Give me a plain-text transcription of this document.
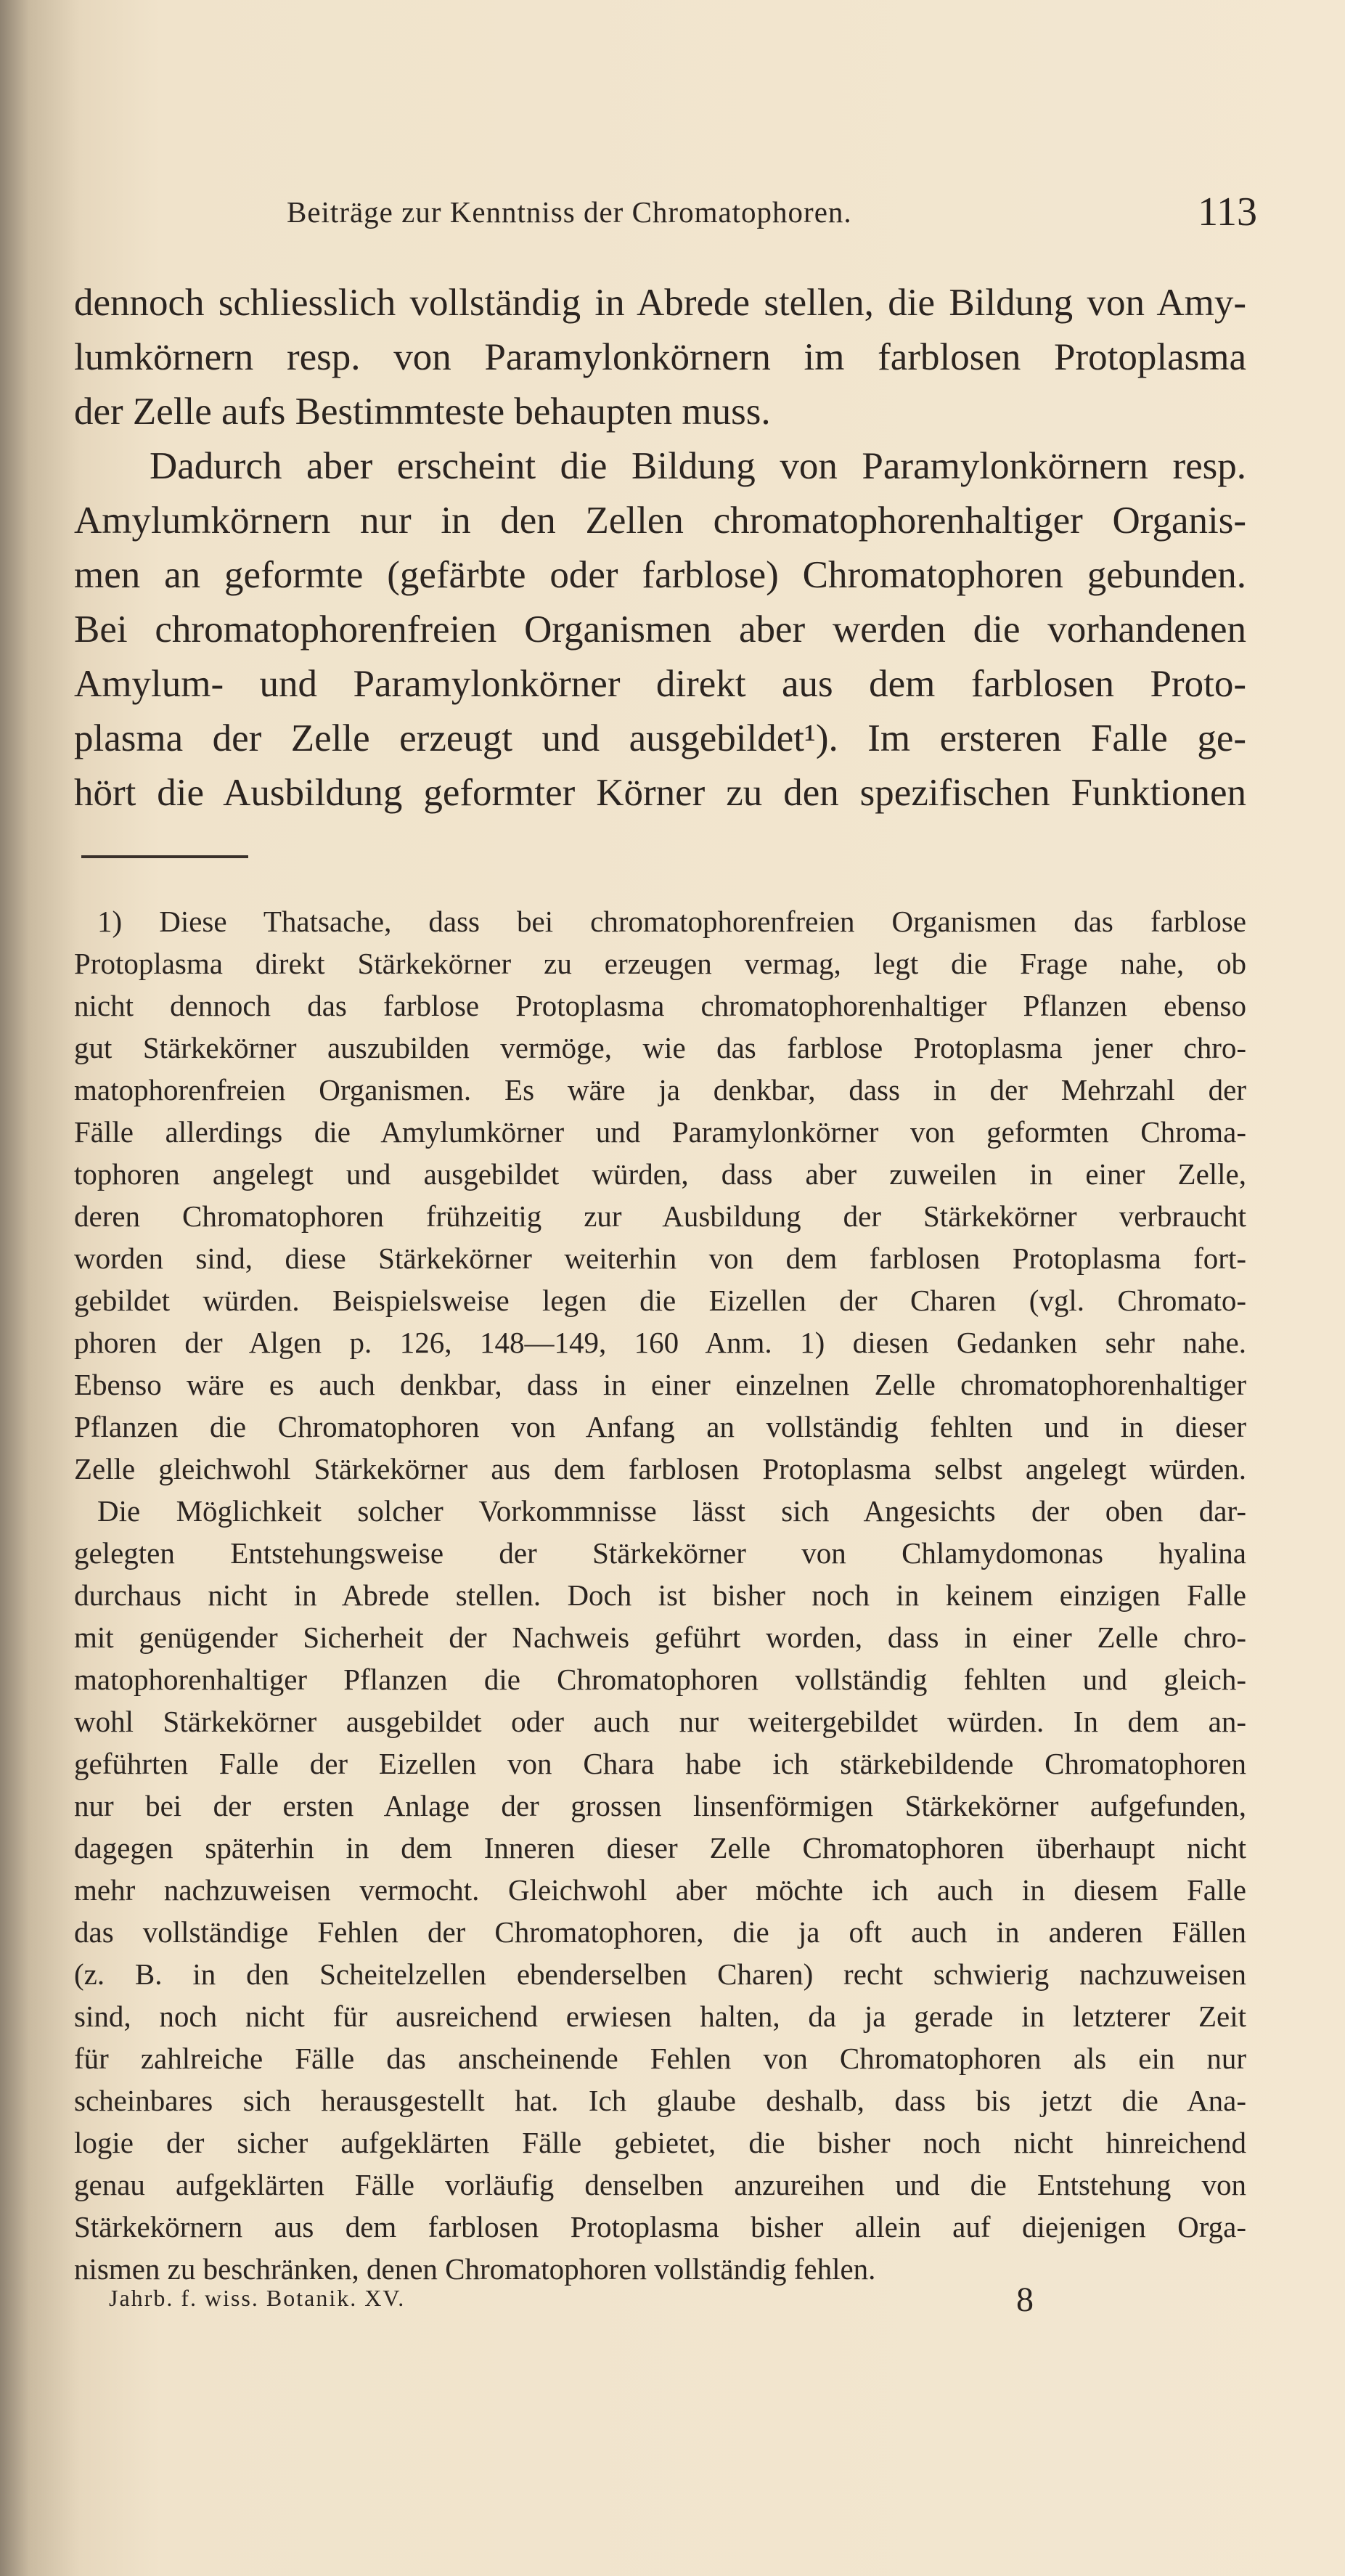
Beiträge zur Kenntniss der Chromatophoren.	113
dennoch schliesslich vollständig in Abrede stellen, die Bildung von Amy-
lumkörnern resp. von Paramylonkörnern im farblosen Protoplasma
der Zelle aufs Bestimmteste behaupten muss.
Dadurch aber erscheint die Bildung von Paramylonkörnern resp.
Amylumkörnern nur in den Zellen chromatophorenhaltiger Organis-
men an geformte (gefärbte oder farblose) Chromatophoren gebunden.
Bei chromatophorenfreien Organismen aber werden die vorhandenen
Amylum- und Paramylonkörner direkt aus dem farblosen Proto-
plasma der Zelle erzeugt und ausgebildet¹). Im ersteren Falle ge-
hört die Ausbildung geformter Körner zu den spezifischen Funktionen
1) Diese Thatsache, dass bei chromatophorenfreien Organismen das farblose
Protoplasma direkt Stärkekörner zu erzeugen vermag, legt die Frage nahe, ob
nicht dennoch das farblose Protoplasma chromatophorenhaltiger Pflanzen ebenso
gut Stärkekörner auszubilden vermöge, wie das farblose Protoplasma jener chro-
matophorenfreien Organismen. Es wäre ja denkbar, dass in der Mehrzahl der
Fälle allerdings die Amylumkörner und Paramylonkörner von geformten Chroma-
tophoren angelegt und ausgebildet würden, dass aber zuweilen in einer Zelle,
deren Chromatophoren frühzeitig zur Ausbildung der Stärkekörner verbraucht
worden sind, diese Stärkekörner weiterhin von dem farblosen Protoplasma fort-
gebildet würden. Beispielsweise legen die Eizellen der Charen (vgl. Chromato-
phoren der Algen p. 126, 148—149, 160 Anm. 1) diesen Gedanken sehr nahe.
Ebenso wäre es auch denkbar, dass in einer einzelnen Zelle chromatophorenhaltiger
Pflanzen die Chromatophoren von Anfang an vollständig fehlten und in dieser
Zelle gleichwohl Stärkekörner aus dem farblosen Protoplasma selbst angelegt würden.
Die Möglichkeit solcher Vorkommnisse lässt sich Angesichts der oben dar-
gelegten Entstehungsweise der Stärkekörner von Chlamydomonas hyalina
durchaus nicht in Abrede stellen. Doch ist bisher noch in keinem einzigen Falle
mit genügender Sicherheit der Nachweis geführt worden, dass in einer Zelle chro-
matophorenhaltiger Pflanzen die Chromatophoren vollständig fehlten und gleich-
wohl Stärkekörner ausgebildet oder auch nur weitergebildet würden. In dem an-
geführten Falle der Eizellen von Chara habe ich stärkebildende Chromatophoren
nur bei der ersten Anlage der grossen linsenförmigen Stärkekörner aufgefunden,
dagegen späterhin in dem Inneren dieser Zelle Chromatophoren überhaupt nicht
mehr nachzuweisen vermocht. Gleichwohl aber möchte ich auch in diesem Falle
das vollständige Fehlen der Chromatophoren, die ja oft auch in anderen Fällen
(z. B. in den Scheitelzellen ebenderselben Charen) recht schwierig nachzuweisen
sind, noch nicht für ausreichend erwiesen halten, da ja gerade in letzterer Zeit
für zahlreiche Fälle das anscheinende Fehlen von Chromatophoren als ein nur
scheinbares sich herausgestellt hat. Ich glaube deshalb, dass bis jetzt die Ana-
logie der sicher aufgeklärten Fälle gebietet, die bisher noch nicht hinreichend
genau aufgeklärten Fälle vorläufig denselben anzureihen und die Entstehung von
Stärkekörnern aus dem farblosen Protoplasma bisher allein auf diejenigen Orga-
nismen zu beschränken, denen Chromatophoren vollständig fehlen.
Jahrb. f. wiss. Botanik. XV.	8
